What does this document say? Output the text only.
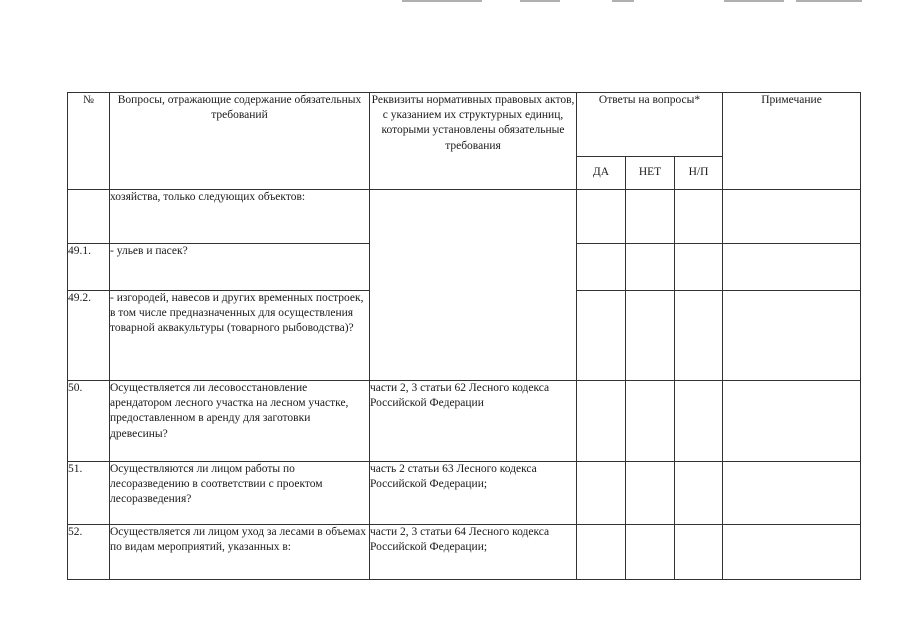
№	Вопросы, отражающие содержание обязательных требований	Реквизиты нормативных правовых актов, с указанием их структурных единиц, которыми установлены обязательные требования	Ответы на вопросы*			Примечание
			ДА	НЕТ	Н/П	
	хозяйства, только следующих объектов:					
49.1.	- ульев и пасек?					
49.2.	- изгородей, навесов и других временных построек, в том числе предназначенных для осуществления товарной аквакультуры (товарного рыбоводства)?					
50.	Осуществляется ли лесовосстановление арендатором лесного участка на лесном участке, предоставленном в аренду для заготовки древесины?	части 2, 3 статьи 62 Лесного кодекса Российской Федерации				
51.	Осуществляются ли лицом работы по лесоразведению в соответствии с проектом лесоразведения?	часть 2 статьи 63 Лесного кодекса Российской Федерации;				
52.	Осуществляется ли лицом уход за лесами в объемах по видам мероприятий, указанных в:	части 2, 3 статьи 64 Лесного кодекса Российской Федерации;				
